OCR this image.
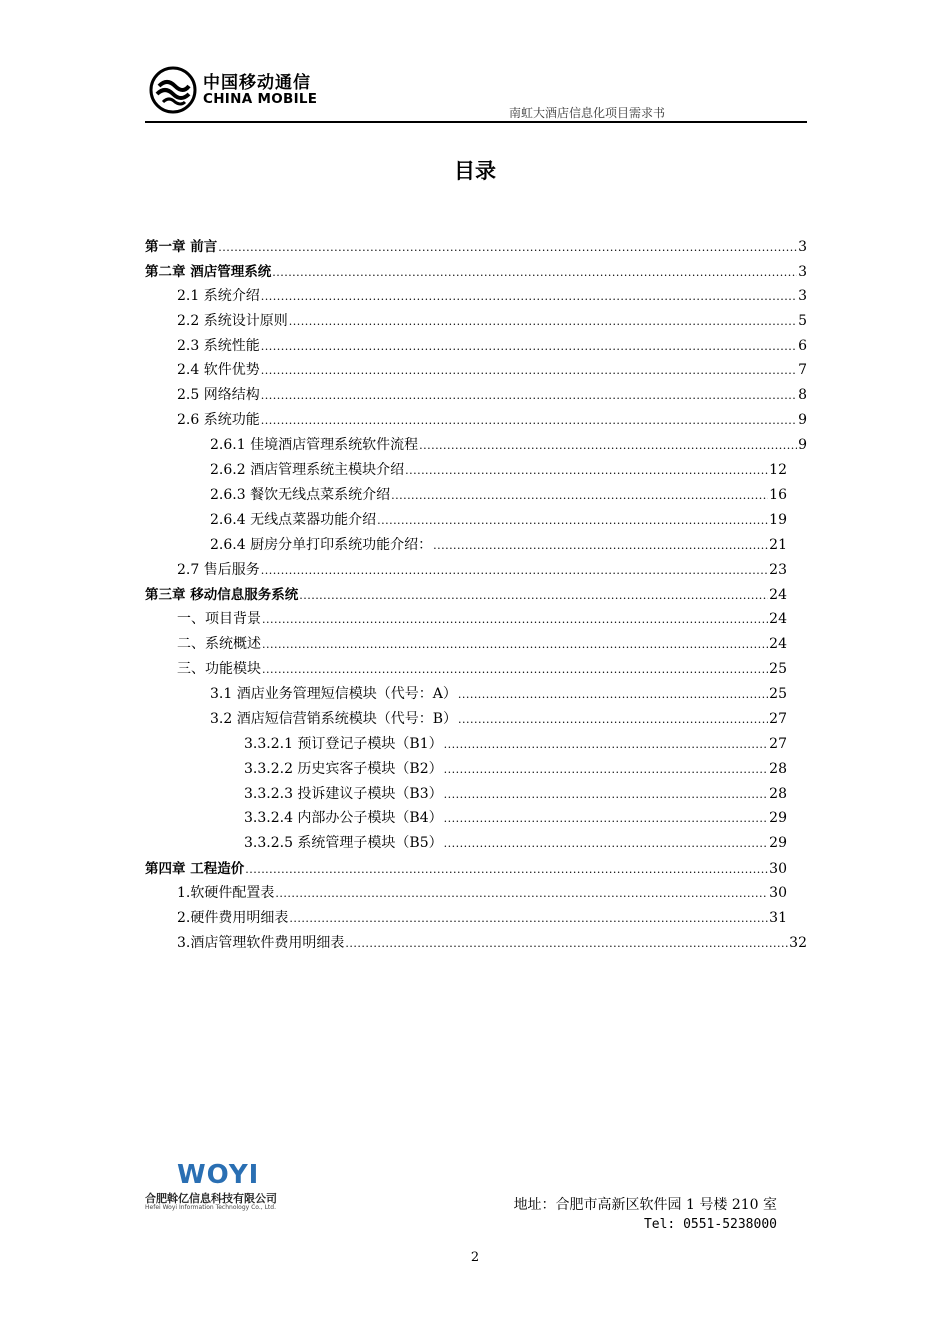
中国移动通信
CHINA MOBILE
南虹大酒店信息化项目需求书
目录
第一章 前言 .....	3
第二章 酒店管理系统 .....	3
2.1 系统介绍 .....	3
2.2 系统设计原则 .....	5
2.3 系统性能 .....	6
2.4 软件优势 .....	7
2.5 网络结构 .....	8
2.6 系统功能 .....	9
2.6.1 佳境酒店管理系统软件流程 .....	9
2.6.2 酒店管理系统主模块介绍 .....	12
2.6.3 餐饮无线点菜系统介绍 .....	16
2.6.4 无线点菜器功能介绍 .....	19
2.6.4 厨房分单打印系统功能介绍： .....	21
2.7 售后服务 .....	23
第三章 移动信息服务系统 .....	24
一、项目背景 .....	24
二、系统概述 .....	24
三、功能模块 .....	25
3.1 酒店业务管理短信模块（代号：A） .....	25
3.2 酒店短信营销系统模块（代号：B） .....	27
3.3.2.1 预订登记子模块（B1） .....	27
3.3.2.2 历史宾客子模块（B2） .....	28
3.3.2.3 投诉建议子模块（B3） .....	28
3.3.2.4 内部办公子模块（B4） .....	29
3.3.2.5 系统管理子模块（B5） .....	29
第四章 工程造价 .....	30
1.软硬件配置表 .....	30
2.硬件费用明细表 .....	31
3.酒店管理软件费用明细表 .....	32
WOYI
合肥斡亿信息科技有限公司
Hefei Woyi Information Technology Co., Ltd.	地址：合肥市高新区软件园 1 号楼 210 室
Tel: 0551-5238000
2
